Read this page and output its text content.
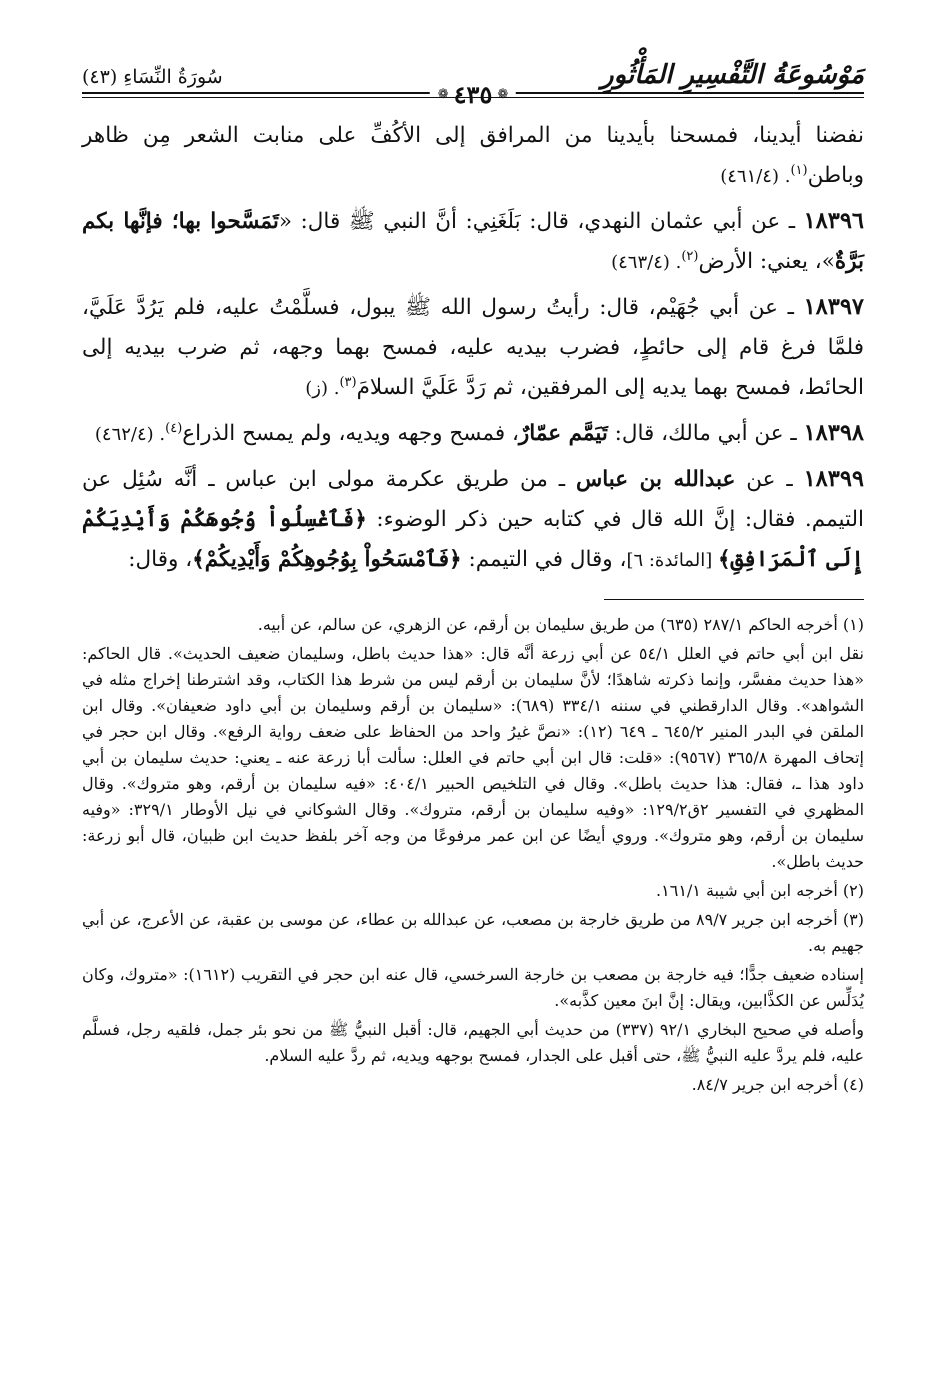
مَوْسُوعَةُ التَّفْسِيرِ المَأْثُورِ
❁
٤٣٥
❁
سُورَةُ النِّسَاءِ (٤٣)

نفضنا أيدينا، فمسحنا بأيدينا من المرافق إلى الأكُفِّ على منابت الشعر مِن ظاهر وباطن$^{(١)}$. (٤٦١/٤)

١٨٣٩٦ ـ عن أبي عثمان النهدي، قال: بَلَغَنِي: أنَّ النبي ﷺ قال: «تَمَسَّحوا بها؛ فإنَّها بكم بَرَّةٌ»، يعني: الأرض$^{(٢)}$. (٤٦٣/٤)

١٨٣٩٧ ـ عن أبي جُهَيْم، قال: رأيتُ رسول الله ﷺ يبول، فسلَّمْتُ عليه، فلم يَرُدَّ عَلَيَّ، فلمَّا فرغ قام إلى حائطٍ، فضرب بيديه عليه، فمسح بهما وجهه، ثم ضرب بيديه إلى الحائط، فمسح بهما يديه إلى المرفقين، ثم رَدَّ عَلَيَّ السلامَ$^{(٣)}$. (ز)

١٨٣٩٨ ـ عن أبي مالك، قال: تَيَمَّم عمّارٌ، فمسح وجهه ويديه، ولم يمسح الذراع$^{(٤)}$. (٤٦٢/٤)

١٨٣٩٩ ـ عن عبدالله بن عباس ـ من طريق عكرمة مولى ابن عباس ـ أنَّه سُئِل عن التيمم. فقال: إنَّ الله قال في كتابه حين ذكر الوضوء: ﴿فَٱغْسِلُواْ وُجُوهَكُمْ وَأَيْدِيَكُمْ إِلَى ٱلْمَرَافِقِ﴾ [المائدة: ٦]، وقال في التيمم: ﴿فَٱمْسَحُواْ بِوُجُوهِكُمْ وَأَيْدِيكُمْ﴾، وقال:

(١) أخرجه الحاكم ٢٨٧/١ (٦٣٥) من طريق سليمان بن أرقم، عن الزهري، عن سالم، عن أبيه.

نقل ابن أبي حاتم في العلل ٥٤/١ عن أبي زرعة أنَّه قال: «هذا حديث باطل، وسليمان ضعيف الحديث». قال الحاكم: «هذا حديث مفسَّر، وإنما ذكرته شاهدًا؛ لأنَّ سليمان بن أرقم ليس من شرط هذا الكتاب، وقد اشترطنا إخراج مثله في الشواهد». وقال الدارقطني في سننه ٣٣٤/١ (٦٨٩): «سليمان بن أرقم وسليمان بن أبي داود ضعيفان». وقال ابن الملقن في البدر المنير ٦٤٥/٢ ـ ٦٤٩ (١٢): «نصَّ غيرُ واحد من الحفاظ على ضعف رواية الرفع». وقال ابن حجر في إتحاف المهرة ٣٦٥/٨ (٩٥٦٧): «قلت: قال ابن أبي حاتم في العلل: سألت أبا زرعة عنه ـ يعني: حديث سليمان بن أبي داود هذا ـ، فقال: هذا حديث باطل». وقال في التلخيص الحبير ٤٠٤/١: «فيه سليمان بن أرقم، وهو متروك». وقال المظهري في التفسير ٢ق١٢٩/٢: «وفيه سليمان بن أرقم، متروك». وقال الشوكاني في نيل الأوطار ٣٢٩/١: «وفيه سليمان بن أرقم، وهو متروك». وروي أيضًا عن ابن عمر مرفوعًا من وجه آخر بلفظ حديث ابن ظبيان، قال أبو زرعة: حديث باطل».

(٢) أخرجه ابن أبي شيبة ١٦١/١.

(٣) أخرجه ابن جرير ٨٩/٧ من طريق خارجة بن مصعب، عن عبدالله بن عطاء، عن موسى بن عقبة، عن الأعرج، عن أبي جهيم به.

إسناده ضعيف جدًّا؛ فيه خارجة بن مصعب بن خارجة السرخسي، قال عنه ابن حجر في التقريب (١٦١٢): «متروك، وكان يُدَلِّس عن الكذَّابين، ويقال: إنَّ ابنَ معين كذَّبه».

وأصله في صحيح البخاري ٩٢/١ (٣٣٧) من حديث أبي الجهيم، قال: أقبل النبيُّ ﷺ من نحو بئر جمل، فلقيه رجل، فسلَّم عليه، فلم يردَّ عليه النبيُّ ﷺ، حتى أقبل على الجدار، فمسح بوجهه ويديه، ثم ردَّ عليه السلام.

(٤) أخرجه ابن جرير ٨٤/٧.
